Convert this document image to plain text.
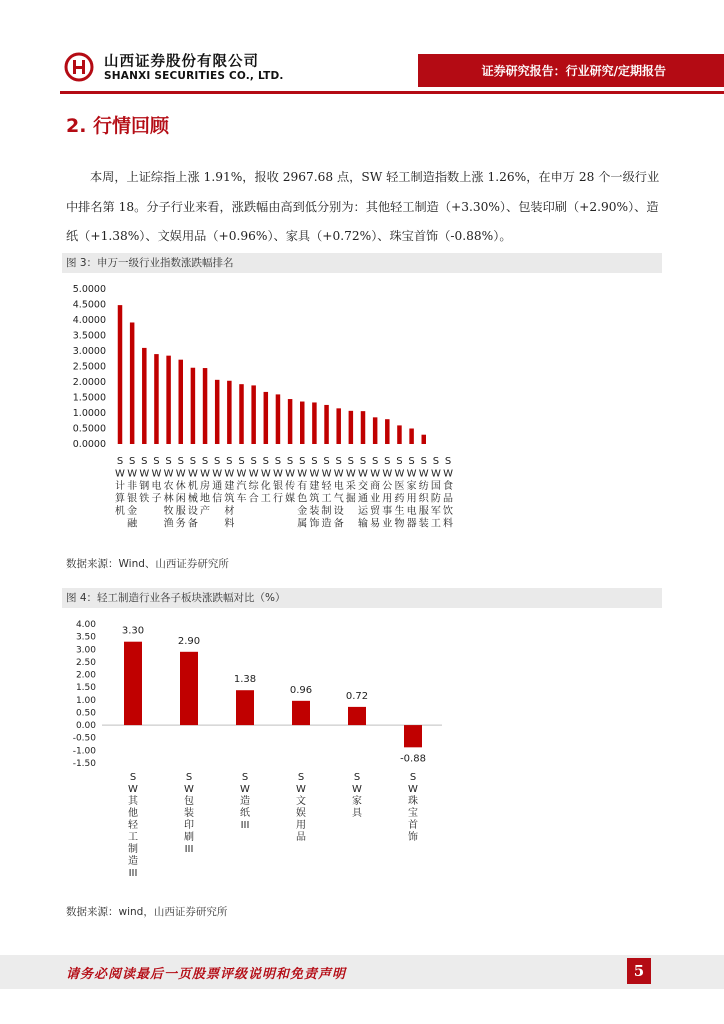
山西证券股份有限公司
SHANXI SECURITIES CO., LTD.	证券研究报告：行业研究/定期报告
2. 行情回顾
本周，上证综指上涨 1.91%，报收 2967.68 点，SW 轻工制造指数上涨 1.26%，在申万 28 个一级行业中排名第 18。分子行业来看，涨跌幅由高到低分别为：其他轻工制造（+3.30%）、包装印刷（+2.90%）、造纸（+1.38%）、文娱用品（+0.96%）、家具（+0.72%）、珠宝首饰（-0.88%）。
图 3：申万一级行业指数涨跌幅排名
0.0000
0.5000
1.0000
1.5000
2.0000
2.5000
3.0000
3.5000
4.0000
4.5000
5.0000
S W 计算机
S W 非银金融
S W 钢铁
S W 电子
S W 农林牧渔
S W 休闲服务
S W 机械设备
S W 房地产
S W 通信
S W 建筑材料
S W 汽车
S W 综合
S W 化工
S W 银行
S W 传媒
S W 有色金属
S W 建筑装饰
S W 轻工制造
S W 电气设备
S W 采掘
S W 交通运输
S W 商业贸易
S W 公用事业
S W 医药生物
S W 家用电器
S W 纺织服装
S W 国防军工
S W 食品饮料
数据来源：Wind、山西证券研究所
图 4：轻工制造行业各子板块涨跌幅对比（%）
4.00
3.50
3.00
2.50
2.00
1.50
1.00
0.50
0.00
-0.50
-1.00
-1.50
3.30
S W 其他轻工制造 III
2.90
S W 包装印刷 III
1.38
S W 造纸 III
0.96
S W 文娱用品
0.72
S W 家具
-0.88
S W 珠宝首饰
数据来源：wind，山西证券研究所
请务必阅读最后一页股票评级说明和免责声明	5
